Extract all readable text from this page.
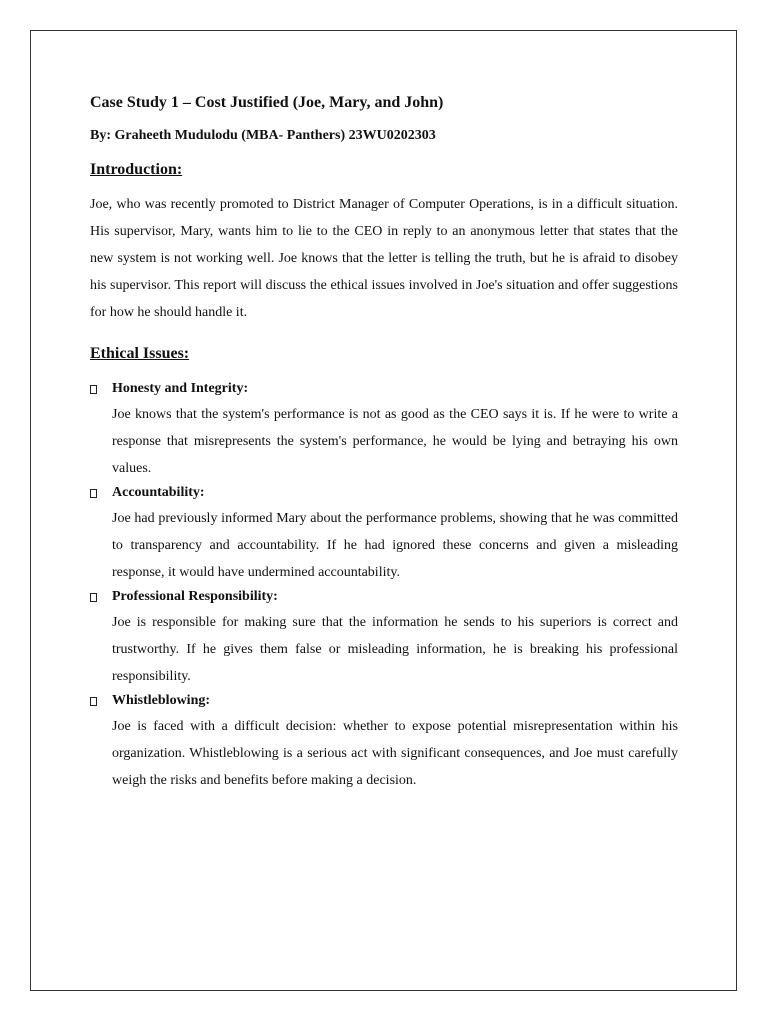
Case Study 1 – Cost Justified (Joe, Mary, and John)

By: Graheeth Mudulodu (MBA- Panthers) 23WU0202303

Introduction:

Joe, who was recently promoted to District Manager of Computer Operations, is in a difficult situation. His supervisor, Mary, wants him to lie to the CEO in reply to an anonymous letter that states that the new system is not working well. Joe knows that the letter is telling the truth, but he is afraid to disobey his supervisor. This report will discuss the ethical issues involved in Joe's situation and offer suggestions for how he should handle it.

Ethical Issues:

Honesty and Integrity:

Joe knows that the system's performance is not as good as the CEO says it is. If he were to write a response that misrepresents the system's performance, he would be lying and betraying his own values.

Accountability:

Joe had previously informed Mary about the performance problems, showing that he was committed to transparency and accountability. If he had ignored these concerns and given a misleading response, it would have undermined accountability.

Professional Responsibility:

Joe is responsible for making sure that the information he sends to his superiors is correct and trustworthy. If he gives them false or misleading information, he is breaking his professional responsibility.

Whistleblowing:

Joe is faced with a difficult decision: whether to expose potential misrepresentation within his organization. Whistleblowing is a serious act with significant consequences, and Joe must carefully weigh the risks and benefits before making a decision.
